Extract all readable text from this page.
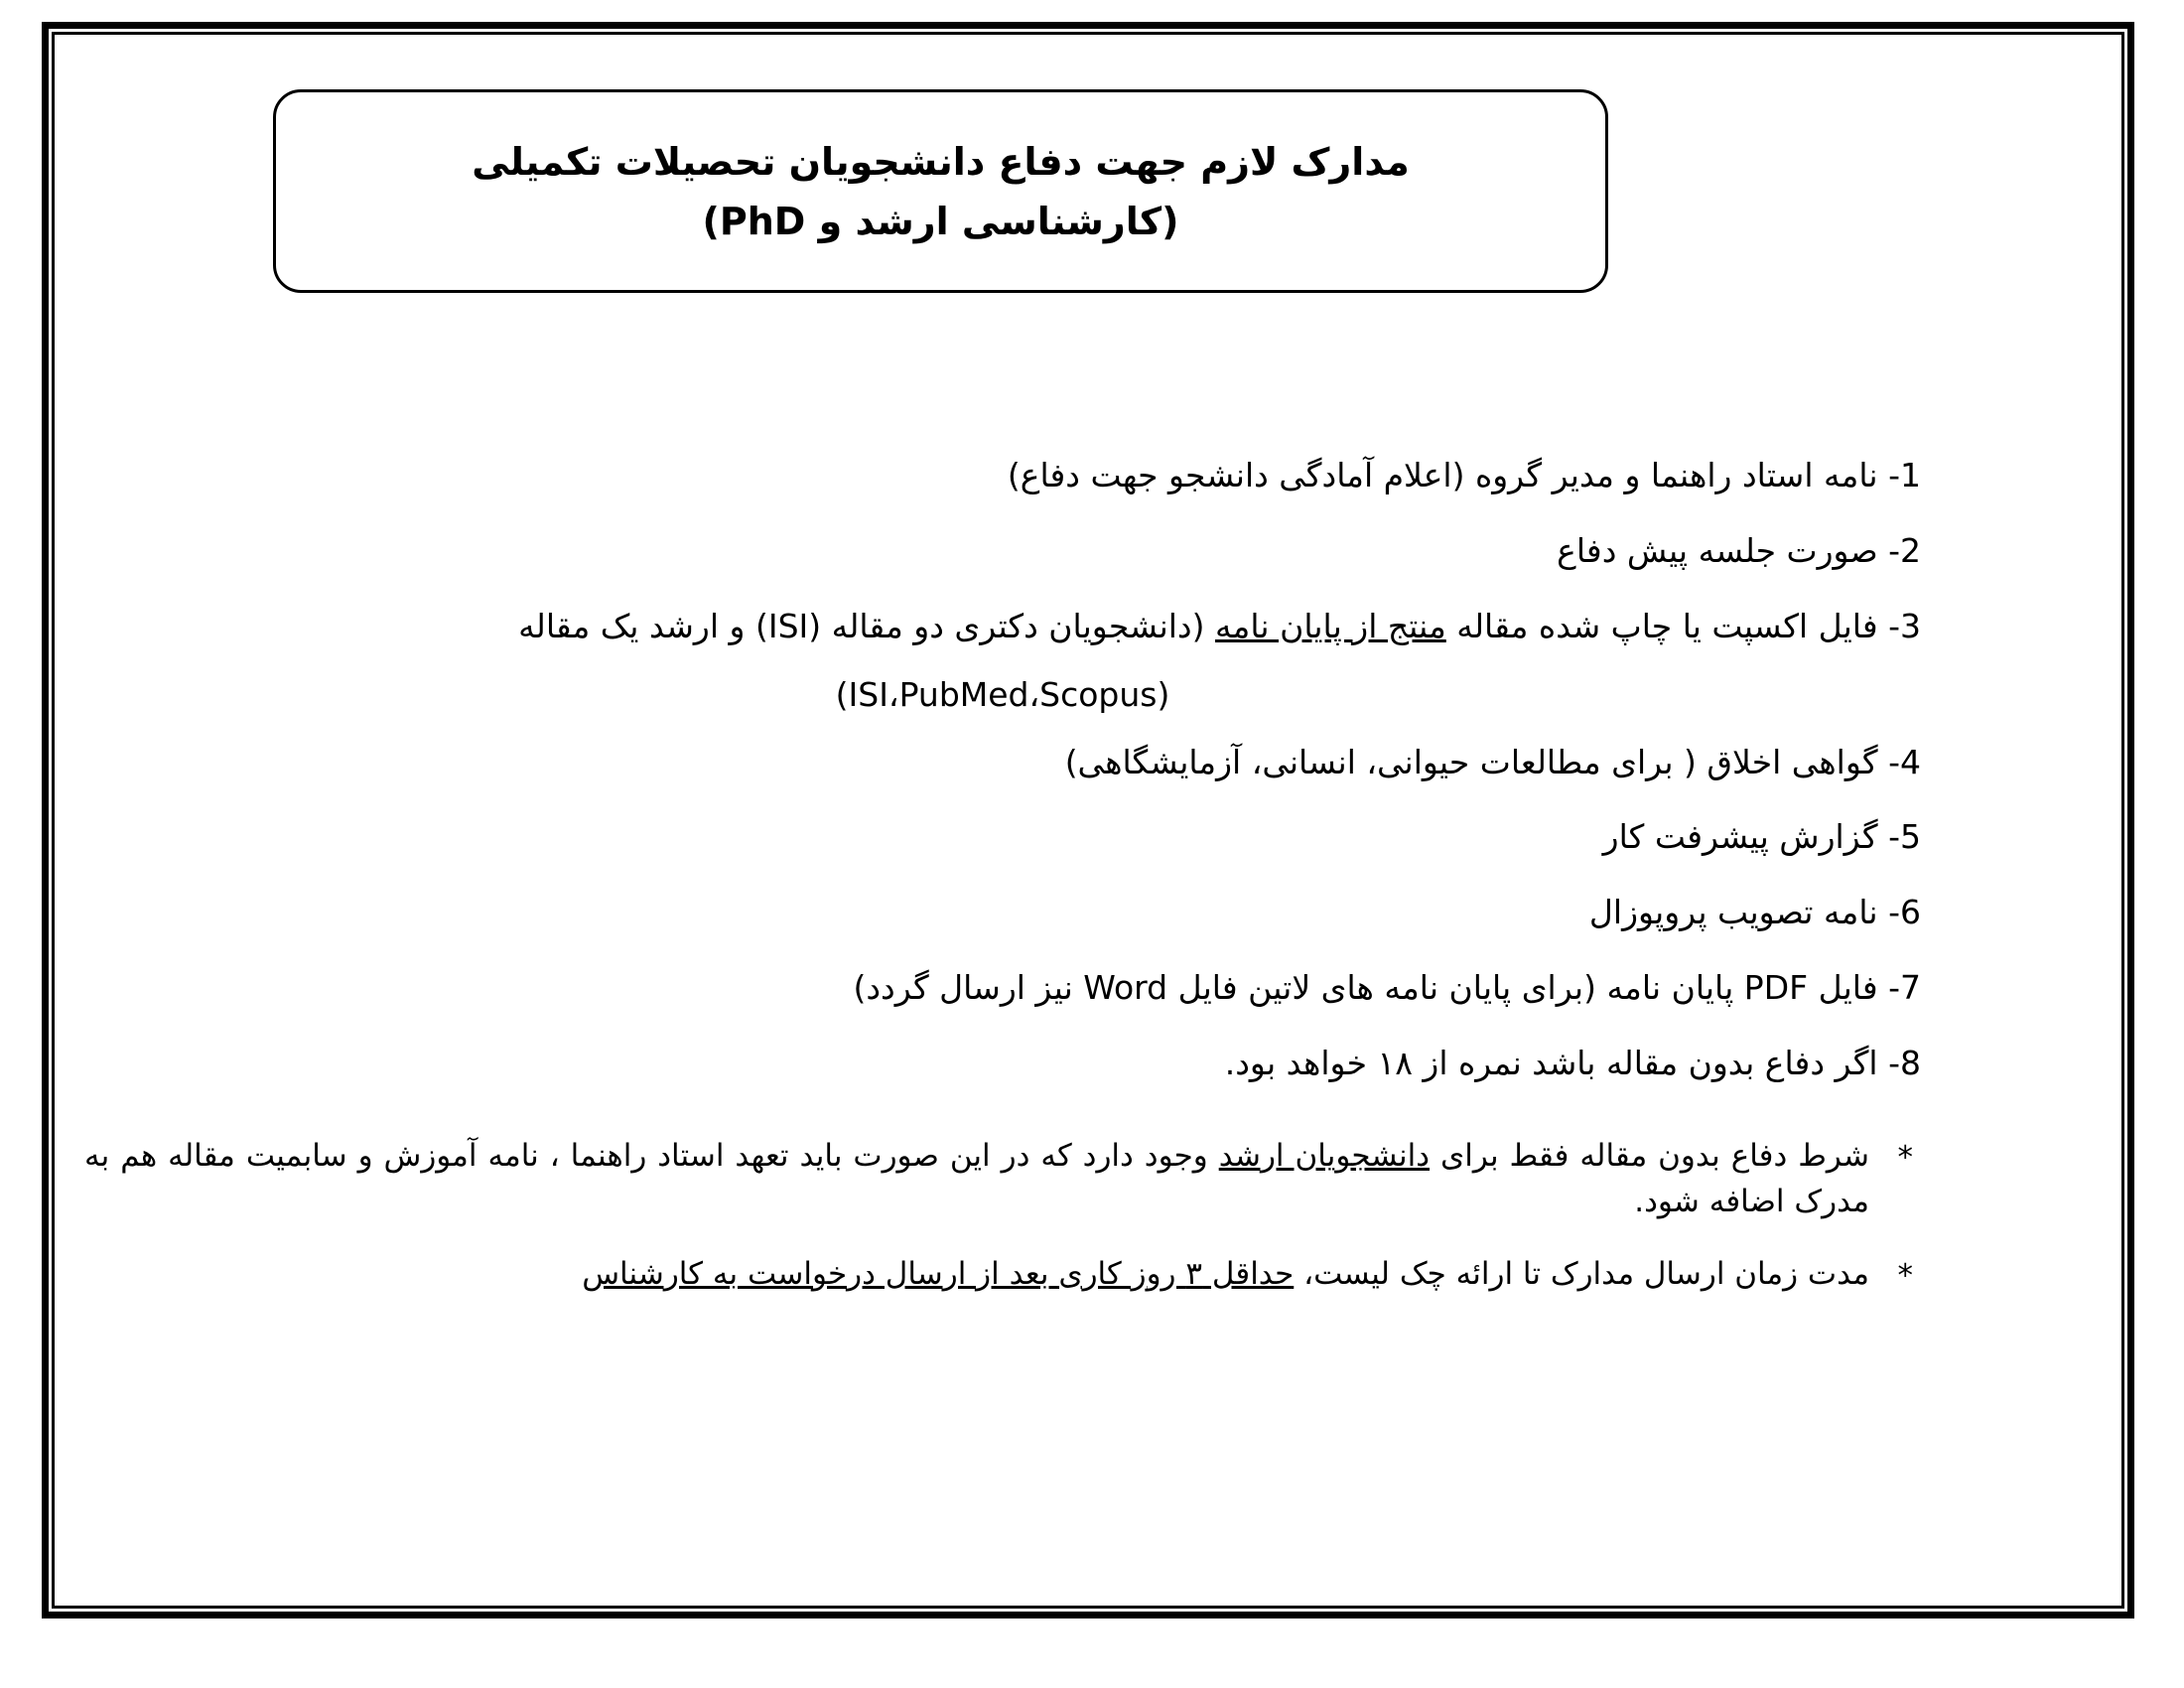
مدارک لازم جهت دفاع دانشجویان تحصیلات تکمیلی
(کارشناسی ارشد و PhD)
1- نامه استاد راهنما و مدیر گروه (اعلام آمادگی دانشجو جهت دفاع)
2- صورت جلسه پیش دفاع
3- فایل اکسپت یا چاپ شده مقاله منتج از پایان نامه (دانشجویان دکتری دو مقاله (ISI) و ارشد یک مقاله
(ISI،PubMed،Scopus)
4- گواهی اخلاق ( برای مطالعات حیوانی، انسانی، آزمایشگاهی)
5- گزارش پیشرفت کار
6- نامه تصویب پروپوزال
7- فایل PDF پایان نامه (برای پایان نامه های لاتین فایل Word نیز ارسال گردد)
8- اگر دفاع بدون مقاله باشد نمره از ۱۸ خواهد بود.
*
شرط دفاع بدون مقاله فقط برای دانشجویان ارشد وجود دارد که در این صورت باید تعهد استاد راهنما ، نامه آموزش و سابمیت مقاله هم به مدرک اضافه شود.
*
مدت زمان ارسال مدارک تا ارائه چک لیست، حداقل ۳ روز کاری بعد از ارسال درخواست به کارشناس
